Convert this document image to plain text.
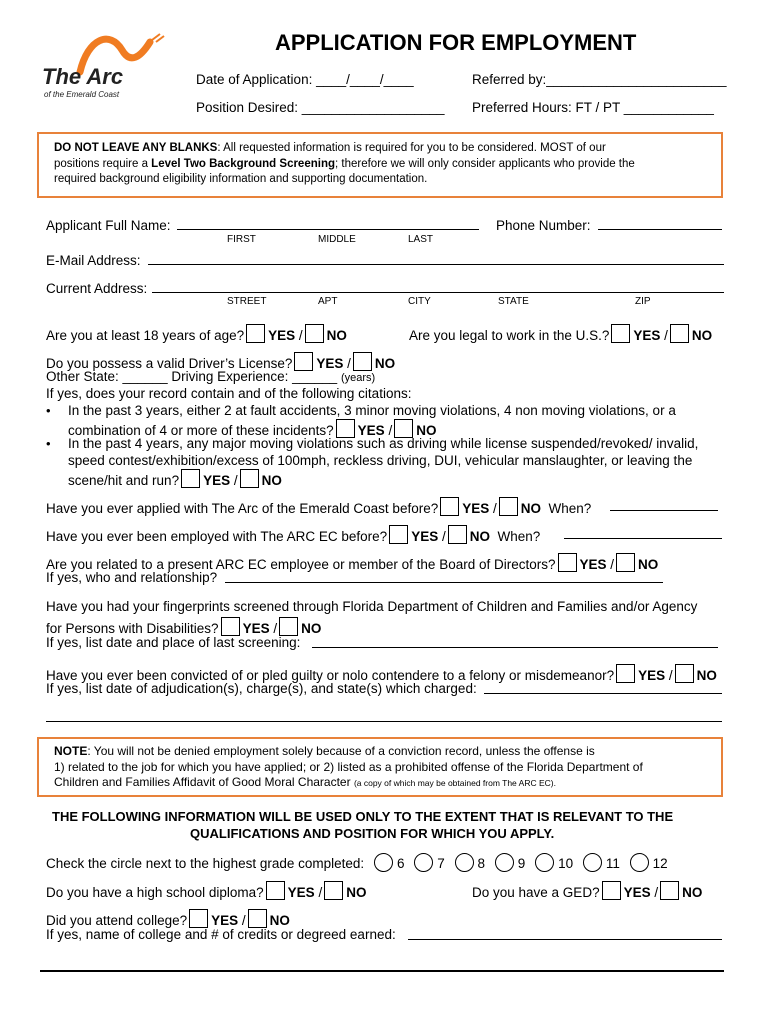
The Arc
of the Emerald Coast
APPLICATION FOR EMPLOYMENT
Date of Application: ____/____/____	Referred by:________________________
Position Desired: ___________________ Preferred Hours: FT / PT ____________
DO NOT LEAVE ANY BLANKS: All requested information is required for you to be considered. MOST of our
positions require a Level Two Background Screening; therefore we will only consider applicants who provide the
required background eligibility information and supporting documentation.
Applicant Full Name:
FIRST	MIDDLE	LAST
Phone Number:
E-Mail Address:
Current Address:
STREET	APT	CITY	STATE	ZIP
Are you at least 18 years of age? YES / NO	Are you legal to work in the U.S.? YES / NO
Do you possess a valid Driver’s License? YES / NO
Other State: ______ Driving Experience: ______ (years)
If yes, does your record contain and of the following citations:
• In the past 3 years, either 2 at fault accidents, 3 minor moving violations, 4 non moving violations, or a
combination of 4 or more of these incidents? YES / NO
• In the past 4 years, any major moving violations such as driving while license suspended/revoked/ invalid,
speed contest/exhibition/excess of 100mph, reckless driving, DUI, vehicular manslaughter, or leaving the
scene/hit and run? YES / NO
Have you ever applied with The Arc of the Emerald Coast before? YES / NO When?
Have you ever been employed with The ARC EC before? YES / NO When?
Are you related to a present ARC EC employee or member of the Board of Directors? YES / NO
If yes, who and relationship?
Have you had your fingerprints screened through Florida Department of Children and Families and/or Agency
for Persons with Disabilities? YES / NO
If yes, list date and place of last screening:
Have you ever been convicted of or pled guilty or nolo contendere to a felony or misdemeanor? YES / NO
If yes, list date of adjudication(s), charge(s), and state(s) which charged:
NOTE: You will not be denied employment solely because of a conviction record, unless the offense is
1) related to the job for which you have applied; or 2) listed as a prohibited offense of the Florida Department of
Children and Families Affidavit of Good Moral Character (a copy of which may be obtained from The ARC EC).
THE FOLLOWING INFORMATION WILL BE USED ONLY TO THE EXTENT THAT IS RELEVANT TO THE
QUALIFICATIONS AND POSITION FOR WHICH YOU APPLY.
Check the circle next to the highest grade completed: 6 7 8 9 10 11 12
Do you have a high school diploma? YES / NO	Do you have a GED? YES / NO
Did you attend college? YES / NO
If yes, name of college and # of credits or degreed earned:
